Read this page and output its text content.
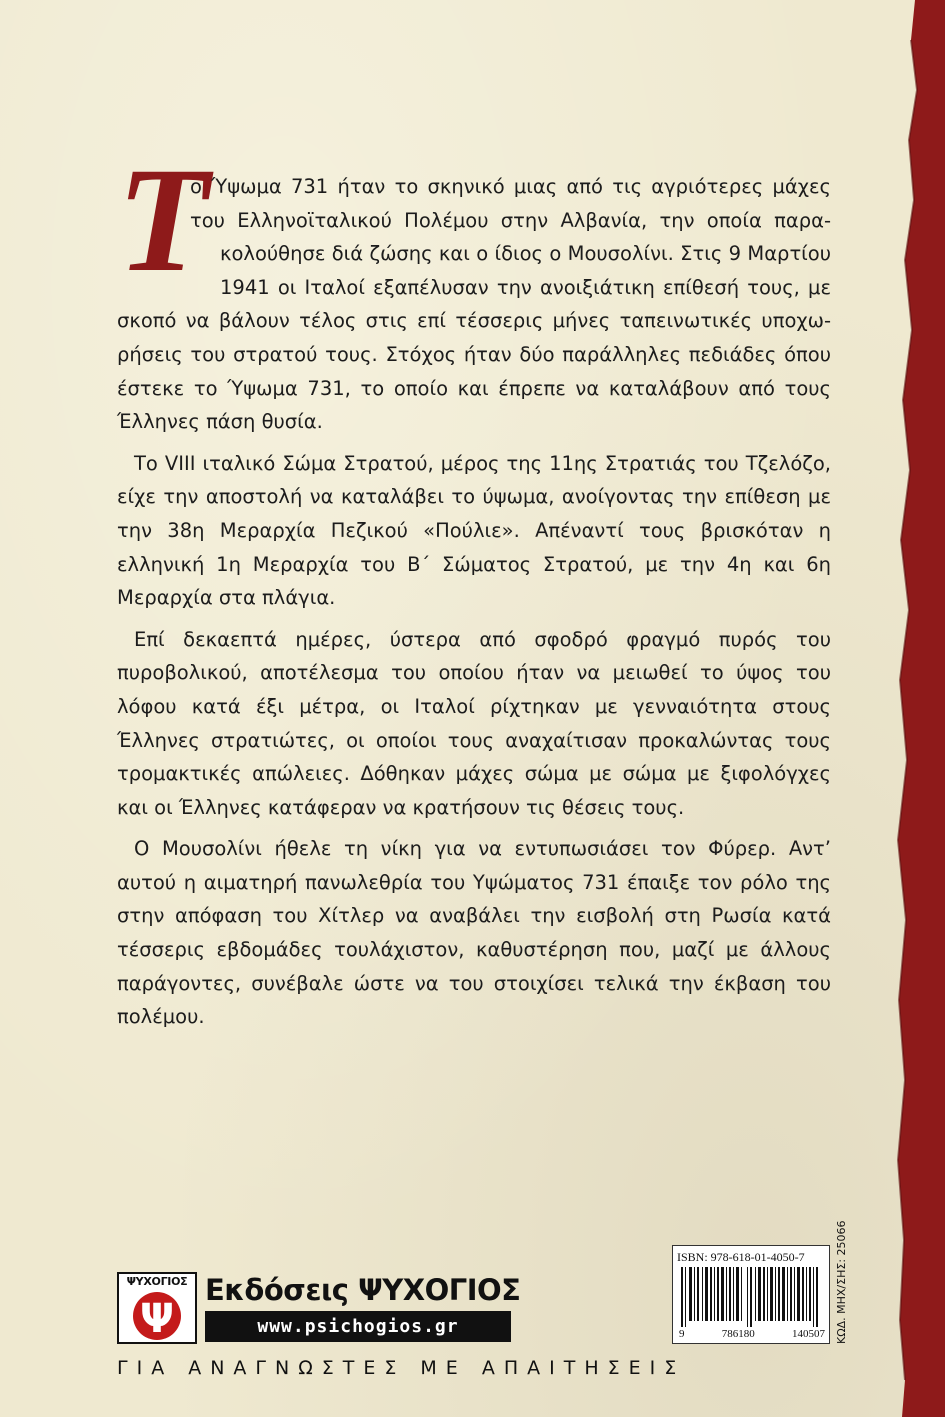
Τ

ο Ύψωμα 731 ήταν το σκηνικό μιας από τις αγριότερες μάχες
του Ελληνοϊταλικού Πολέμου στην Αλβανία, την οποία παρα-
κολούθησε διά ζώσης και ο ίδιος ο Μουσολίνι. Στις 9 Μαρτίου
1941 οι Ιταλοί εξαπέλυσαν την ανοιξιάτικη επίθεσή τους, με
σκοπό να βάλουν τέλος στις επί τέσσερις μήνες ταπεινωτικές υποχω-
ρήσεις του στρατού τους. Στόχος ήταν δύο παράλληλες πεδιάδες όπου
έστεκε το Ύψωμα 731, το οποίο και έπρεπε να καταλάβουν από τους
Έλληνες πάση θυσία.

Το VIII ιταλικό Σώμα Στρατού, μέρος της 11ης Στρατιάς του Τζελόζο, είχε την αποστολή να καταλάβει το ύψωμα, ανοίγοντας την επίθεση με την 38η Μεραρχία Πεζικού «Πούλιε». Απέναντί τους βρισκόταν η ελληνική 1η Μεραρχία του Β΄ Σώματος Στρατού, με την 4η και 6η Μεραρχία στα πλάγια.

Επί δεκαεπτά ημέρες, ύστερα από σφοδρό φραγμό πυρός του πυροβολικού, αποτέλεσμα του οποίου ήταν να μειωθεί το ύψος του λόφου κατά έξι μέτρα, οι Ιταλοί ρίχτηκαν με γενναιότητα στους Έλληνες στρατιώτες, οι οποίοι τους αναχαίτισαν προκαλώντας τους τρομακτικές απώλειες. Δόθηκαν μάχες σώμα με σώμα με ξιφολόγχες και οι Έλληνες κατάφεραν να κρατήσουν τις θέσεις τους.

Ο Μουσολίνι ήθελε τη νίκη για να εντυπωσιάσει τον Φύρερ. Αντ’ αυτού η αιματηρή πανωλεθρία του Υψώματος 731 έπαιξε τον ρόλο της στην απόφαση του Χίτλερ να αναβάλει την εισβολή στη Ρωσία κατά τέσσερις εβδομάδες τουλάχιστον, καθυστέρηση που, μαζί με άλλους παράγοντες, συνέβαλε ώστε να του στοιχίσει τελικά την έκβαση του πολέμου.

ΨΥΧΟΓΙΟΣ
Ψ
Εκδόσεις ΨΥΧΟΓΙΟΣ
www.psichogios.gr
ΓΙΑ ΑΝΑΓΝΩΣΤΕΣ ΜΕ ΑΠΑΙΤΗΣΕΙΣ
ISBN: 978-618-01-4050-7
9	786180	140507 ΚΩΔ. ΜΗΧ/ΣΗΣ: 25066
